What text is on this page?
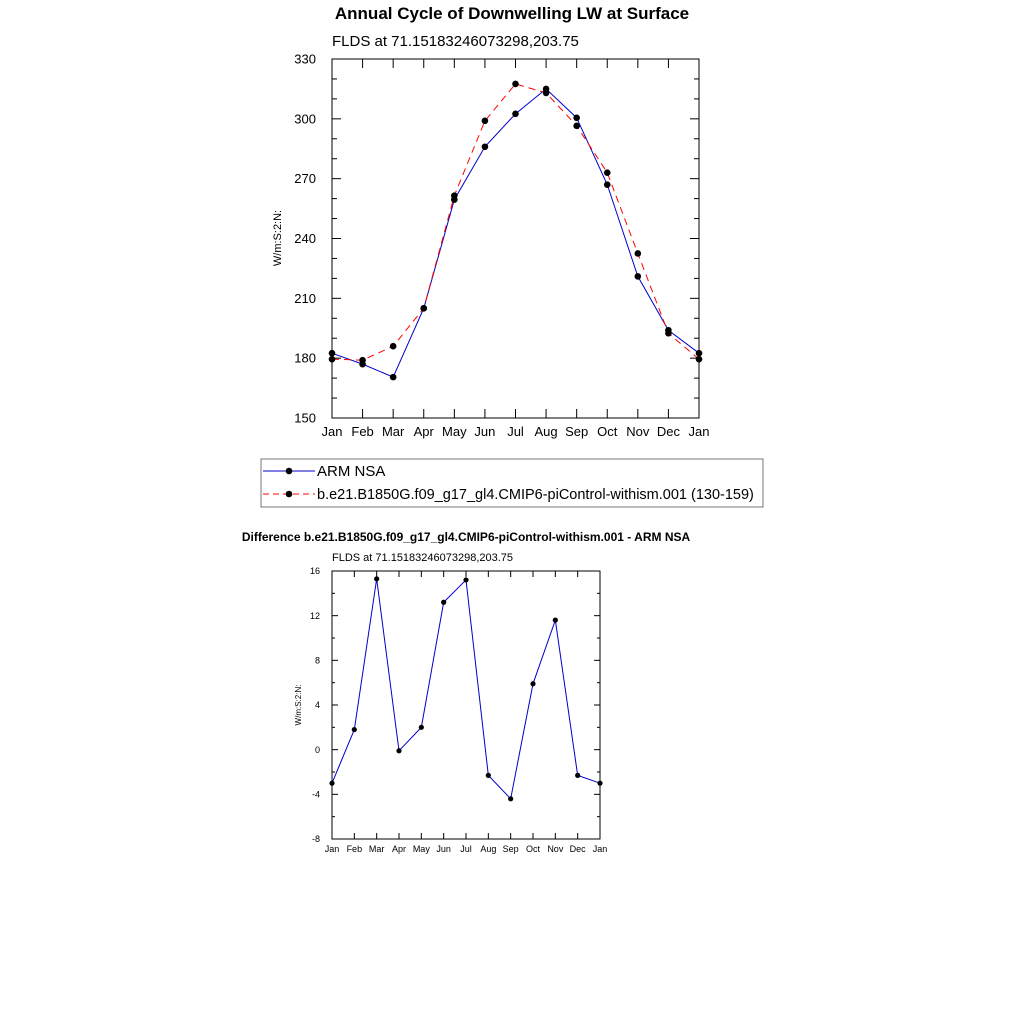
Annual Cycle of Downwelling LW at Surface
FLDS at 71.15183246073298,203.75
W/m:S:2:N:
Jan Feb Mar Apr May Jun Jul Aug Sep Oct Nov Dec Jan
150
180
210
240
270
300
330
ARM NSA
b.e21.B1850G.f09_g17_gl4.CMIP6-piControl-withism.001 (130-159)
Difference b.e21.B1850G.f09_g17_gl4.CMIP6-piControl-withism.001 - ARM NSA
FLDS at 71.15183246073298,203.75
W/m:S:2:N:
Jan Feb Mar Apr May Jun Jul Aug Sep Oct Nov Dec Jan
-8
-4
0
4
8
12
16
